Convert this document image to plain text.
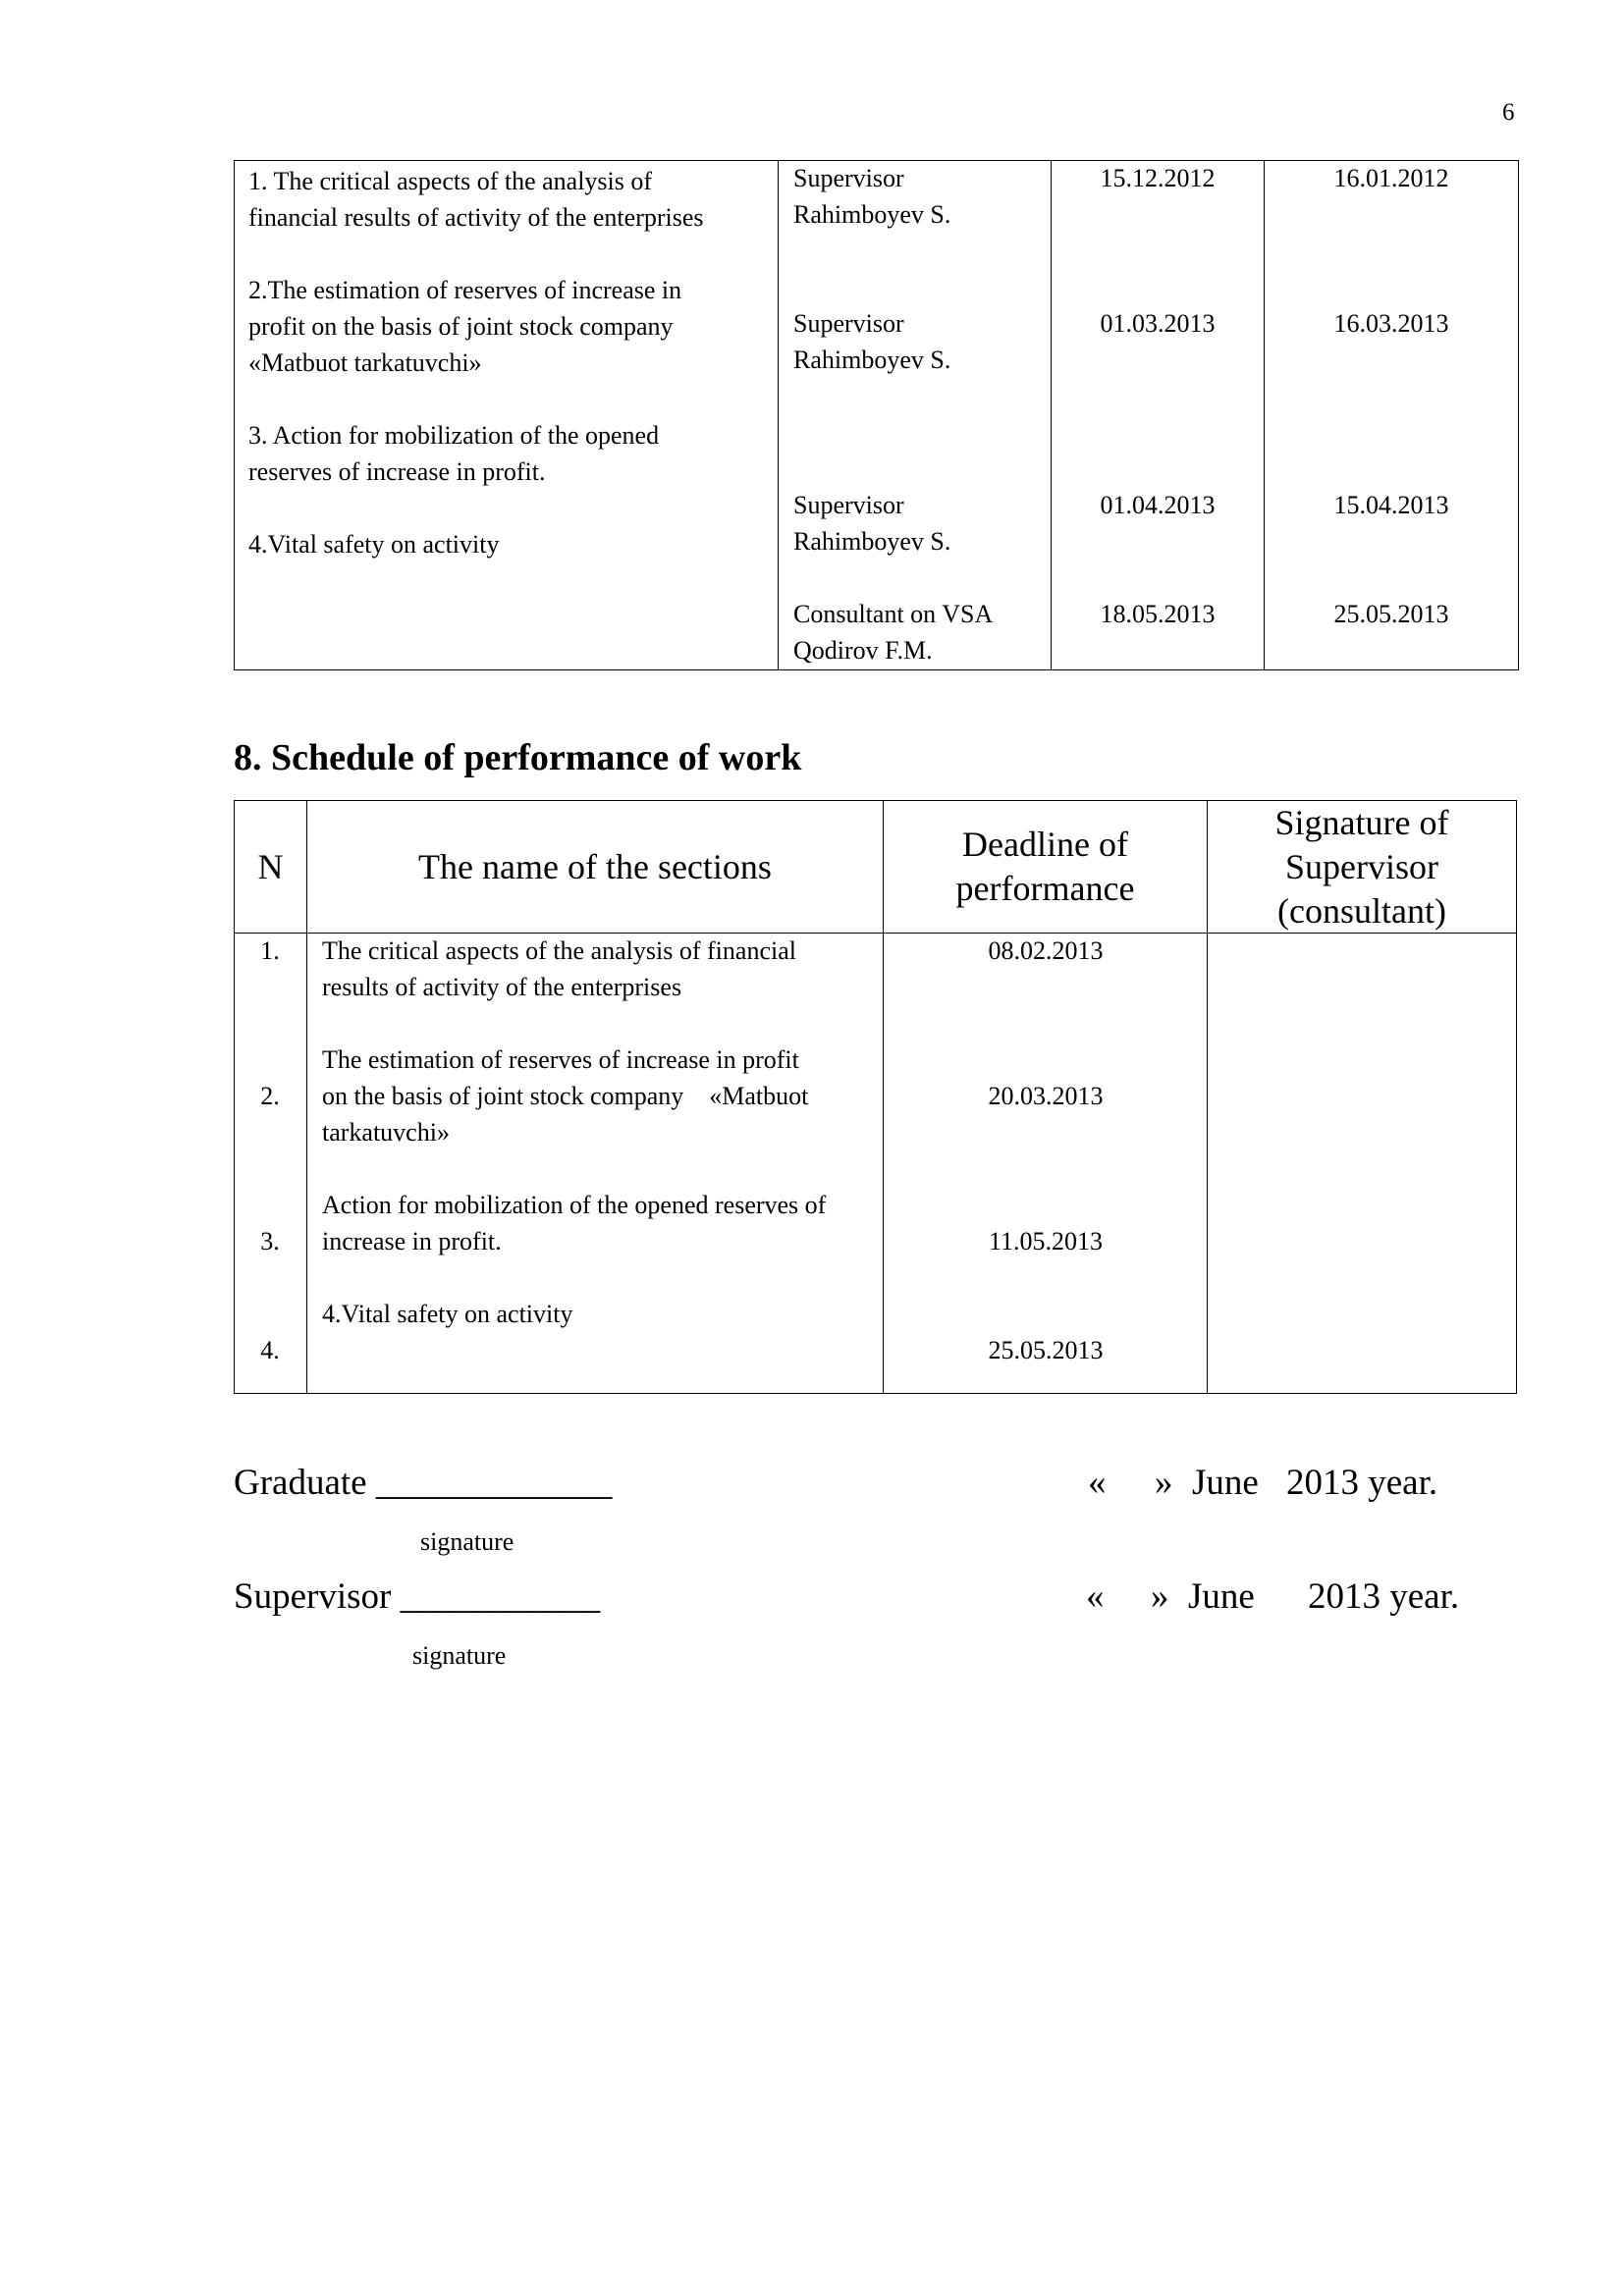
6
1. The critical aspects of the analysis of
financial results of activity of the enterprises
2.The estimation of reserves of increase in
profit on the basis of joint stock company
«Matbuot tarkatuvchi»
3. Action for mobilization of the opened
reserves of increase in profit.
4.Vital safety on activity
Supervisor
Rahimboyev S.
Supervisor
Rahimboyev S.
Supervisor
Rahimboyev S.
Consultant on VSA
Qodirov F.M.
15.12.2012
01.03.2013
01.04.2013
18.05.2013
16.01.2012
16.03.2013
15.04.2013
25.05.2013
8. Schedule of performance of work
N	The name of the sections
Deadline of
performance
Signature of
Supervisor
(consultant)
1.
2.
3.
4.
The critical aspects of the analysis of financial
results of activity of the enterprises
The estimation of reserves of increase in profit
on the basis of joint stock company    «Matbuot
tarkatuvchi»
Action for mobilization of the opened reserves of
increase in profit.
4.Vital safety on activity
08.02.2013
20.03.2013
11.05.2013
25.05.2013
Graduate _____________
signature
« » June 2013 year.
Supervisor ___________
signature
« » June 2013 year.
